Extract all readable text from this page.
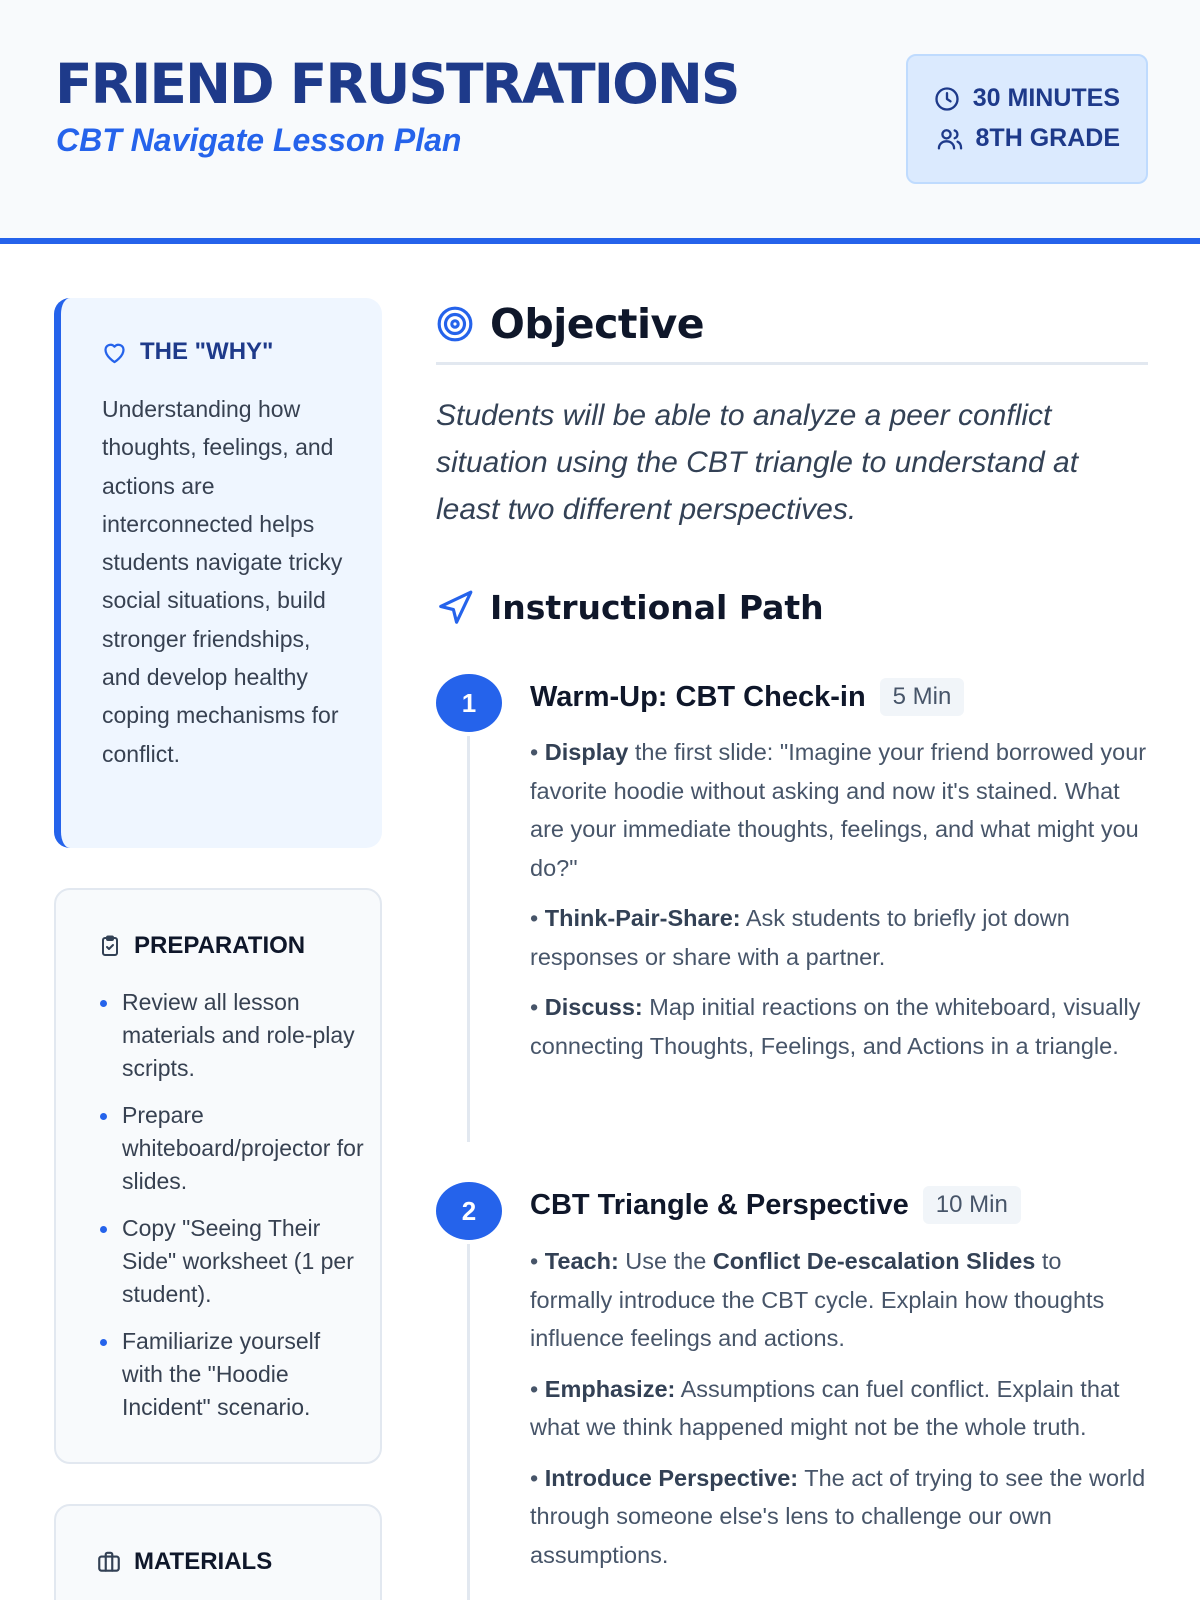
FRIEND FRUSTRATIONS
CBT Navigate Lesson Plan
30 MINUTES
8TH GRADE
THE "WHY"
Understanding how thoughts, feelings, and actions are interconnected helps students navigate tricky social situations, build stronger friendships, and develop healthy coping mechanisms for conflict.
PREPARATION
Review all lesson materials and role-play scripts.
Prepare whiteboard/projector for slides.
Copy "Seeing Their Side" worksheet (1 per student).
Familiarize yourself with the "Hoodie Incident" scenario.
MATERIALS
Objective
Students will be able to analyze a peer conflict situation using the CBT triangle to understand at least two different perspectives.
Instructional Path
1	Warm-Up: CBT Check-in	5 Min

• Display the first slide: "Imagine your friend borrowed your favorite hoodie without asking and now it's stained. What are your immediate thoughts, feelings, and what might you do?"

• Think-Pair-Share: Ask students to briefly jot down responses or share with a partner.

• Discuss: Map initial reactions on the whiteboard, visually connecting Thoughts, Feelings, and Actions in a triangle.

2	CBT Triangle & Perspective	10 Min

• Teach: Use the Conflict De-escalation Slides to formally introduce the CBT cycle. Explain how thoughts influence feelings and actions.

• Emphasize: Assumptions can fuel conflict. Explain that what we think happened might not be the whole truth.

• Introduce Perspective: The act of trying to see the world through someone else's lens to challenge our own assumptions.
